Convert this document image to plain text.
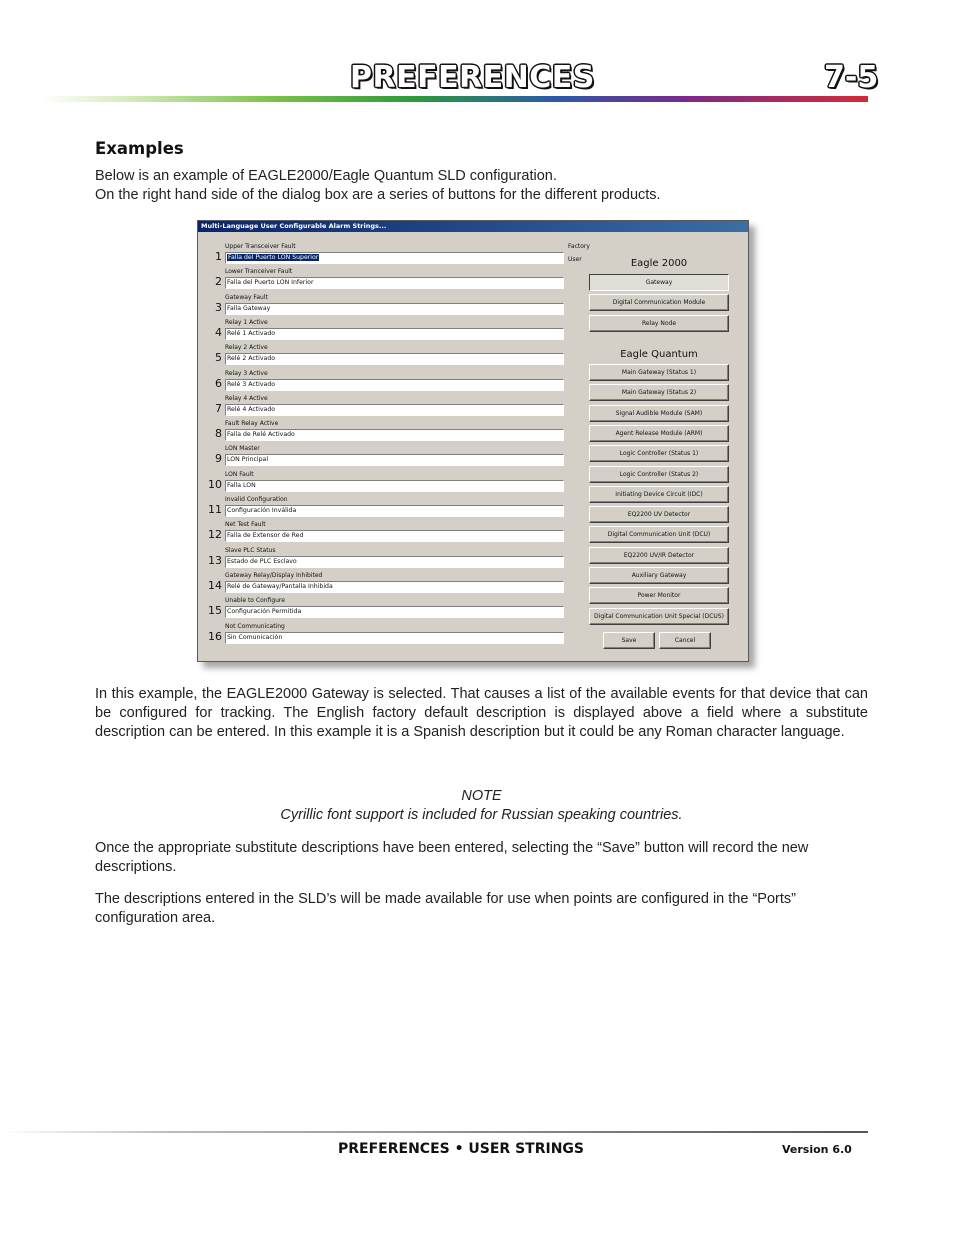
PREFERENCES	7-5
Examples
Below is an example of EAGLE2000/Eagle Quantum SLD configuration.
On the right hand side of the dialog box are a series of buttons for the different products.
Multi-Language User Configurable Alarm Strings...
Factory
User
1
Upper Transceiver Fault
Falla del Puerto LON Superior
2
Lower Tranceiver Fault
Falla del Puerto LON Inferior
3
Gateway Fault
Falla Gateway
4
Relay 1 Active
Relé 1 Activado
5
Relay 2 Active
Relé 2 Activado
6
Relay 3 Active
Relé 3 Activado
7
Relay 4 Active
Relé 4 Activado
8
Fault Relay Active
Falla de Relé Activado
9
LON Master
LON Principal
10
LON Fault
Falla LON
11
Invalid Configuration
Configuración Inválida
12
Net Test Fault
Falla de Extensor de Red
13
Slave PLC Status
Estado de PLC Esclavo
14
Gateway Relay/Display Inhibited
Relé de Gateway/Pantalla Inhibida
15
Unable to Configure
Configuración Permitida
16
Not Communicating
Sin Comunicación
Eagle 2000
Gateway
Digital Communication Module
Relay Node
Eagle Quantum
Main Gateway (Status 1)
Main Gateway (Status 2)
Signal Audible Module (SAM)
Agent Release Module (ARM)
Logic Controller (Status 1)
Logic Controller (Status 2)
Initiating Device Circuit (IDC)
EQ2200 UV Detector
Digital Communication Unit (DCU)
EQ2200 UV/IR Detector
Auxiliary Gateway
Power Monitor
Digital Communication Unit Special (DCUS)
Save	Cancel
In this example, the EAGLE2000 Gateway is selected. That causes a list of the available events for that device that can be configured for tracking. The English factory default description is displayed above a field where a substitute description can be entered. In this example it is a Spanish description but it could be any Roman character language.
NOTE
Cyrillic font support is included for Russian speaking countries.
Once the appropriate substitute descriptions have been entered, selecting the “Save” button will record the new descriptions.
The descriptions entered in the SLD’s will be made available for use when points are configured in the “Ports” configuration area.
PREFERENCES • USER STRINGS	Version 6.0
